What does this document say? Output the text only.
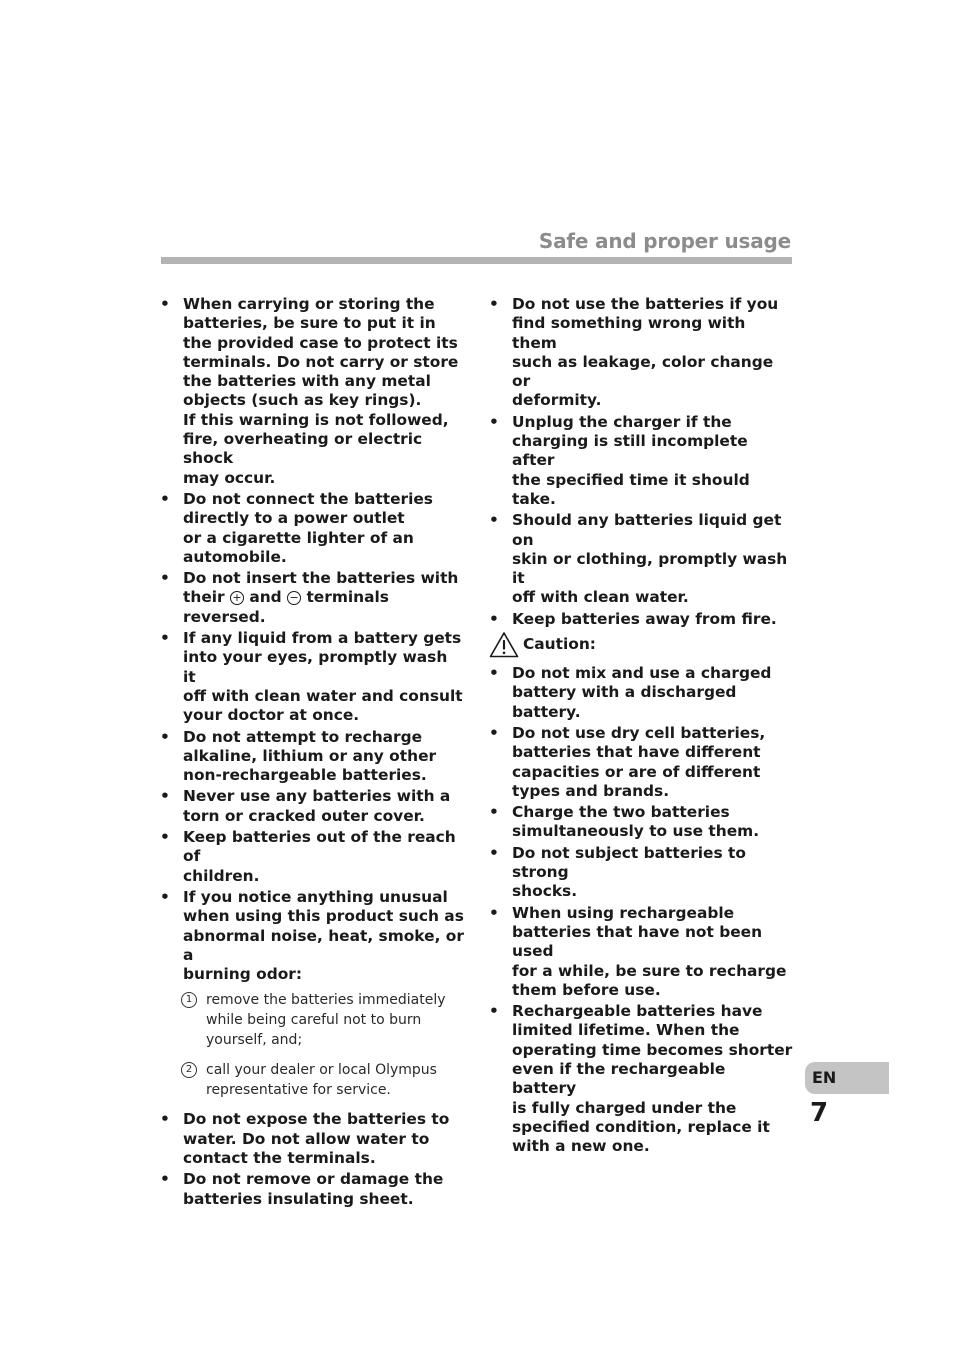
Safe and proper usage
• When carrying or storing the
batteries, be sure to put it in
the provided case to protect its
terminals. Do not carry or store
the batteries with any metal
objects (such as key rings).
If this warning is not followed,
fire, overheating or electric shock
may occur.
• Do not connect the batteries
directly to a power outlet
or a cigarette lighter of an
automobile.
• Do not insert the batteries with
their + and − terminals reversed.
• If any liquid from a battery gets
into your eyes, promptly wash it
off with clean water and consult
your doctor at once.
• Do not attempt to recharge
alkaline, lithium or any other
non-rechargeable batteries.
• Never use any batteries with a
torn or cracked outer cover.
• Keep batteries out of the reach of
children.
• If you notice anything unusual
when using this product such as
abnormal noise, heat, smoke, or a
burning odor:
1 remove the batteries immediately
while being careful not to burn
yourself, and;
2 call your dealer or local Olympus
representative for service.
• Do not expose the batteries to
water. Do not allow water to
contact the terminals.
• Do not remove or damage the
batteries insulating sheet.
• Do not use the batteries if you
find something wrong with them
such as leakage, color change or
deformity.
• Unplug the charger if the
charging is still incomplete after
the specified time it should take.
• Should any batteries liquid get on
skin or clothing, promptly wash it
off with clean water.
• Keep batteries away from fire.
Caution:
• Do not mix and use a charged
battery with a discharged
battery.
• Do not use dry cell batteries,
batteries that have different
capacities or are of different
types and brands.
• Charge the two batteries
simultaneously to use them.
• Do not subject batteries to strong
shocks.
• When using rechargeable
batteries that have not been used
for a while, be sure to recharge
them before use.
• Rechargeable batteries have
limited lifetime. When the
operating time becomes shorter
even if the rechargeable battery
is fully charged under the
specified condition, replace it
with a new one.
EN
7
